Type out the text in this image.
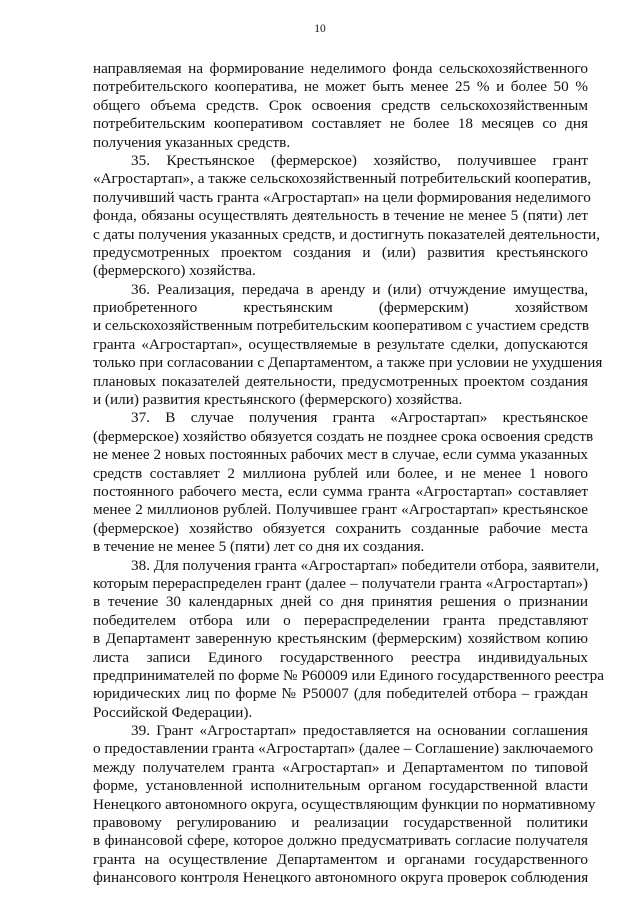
10
направляемая на формирование неделимого фонда сельскохозяйственного
потребительского кооператива, не может быть менее 25 % и более 50 %
общего объема средств. Срок освоения средств сельскохозяйственным
потребительским кооперативом составляет не более 18 месяцев со дня
получения указанных средств.
35. Крестьянское (фермерское) хозяйство, получившее грант
«Агростартап», а также сельскохозяйственный потребительский кооператив,
получивший часть гранта «Агростартап» на цели формирования неделимого
фонда, обязаны осуществлять деятельность в течение не менее 5 (пяти) лет
с даты получения указанных средств, и достигнуть показателей деятельности,
предусмотренных проектом создания и (или) развития крестьянского
(фермерского) хозяйства.
36. Реализация, передача в аренду и (или) отчуждение имущества,
приобретенного крестьянским (фермерским) хозяйством
и сельскохозяйственным потребительским кооперативом с участием средств
гранта «Агростартап», осуществляемые в результате сделки, допускаются
только при согласовании с Департаментом, а также при условии не ухудшения
плановых показателей деятельности, предусмотренных проектом создания
и (или) развития крестьянского (фермерского) хозяйства.
37. В случае получения гранта «Агростартап» крестьянское
(фермерское) хозяйство обязуется создать не позднее срока освоения средств
не менее 2 новых постоянных рабочих мест в случае, если сумма указанных
средств составляет 2 миллиона рублей или более, и не менее 1 нового
постоянного рабочего места, если сумма гранта «Агростартап» составляет
менее 2 миллионов рублей. Получившее грант «Агростартап» крестьянское
(фермерское) хозяйство обязуется сохранить созданные рабочие места
в течение не менее 5 (пяти) лет со дня их создания.
38. Для получения гранта «Агростартап» победители отбора, заявители,
которым перераспределен грант (далее – получатели гранта «Агростартап»)
в течение 30 календарных дней со дня принятия решения о признании
победителем отбора или о перераспределении гранта представляют
в Департамент заверенную крестьянским (фермерским) хозяйством копию
листа записи Единого государственного реестра индивидуальных
предпринимателей по форме № Р60009 или Единого государственного реестра
юридических лиц по форме № Р50007 (для победителей отбора – граждан
Российской Федерации).
39. Грант «Агростартап» предоставляется на основании соглашения
о предоставлении гранта «Агростартап» (далее – Соглашение) заключаемого
между получателем гранта «Агростартап» и Департаментом по типовой
форме, установленной исполнительным органом государственной власти
Ненецкого автономного округа, осуществляющим функции по нормативному
правовому регулированию и реализации государственной политики
в финансовой сфере, которое должно предусматривать согласие получателя
гранта на осуществление Департаментом и органами государственного
финансового контроля Ненецкого автономного округа проверок соблюдения
